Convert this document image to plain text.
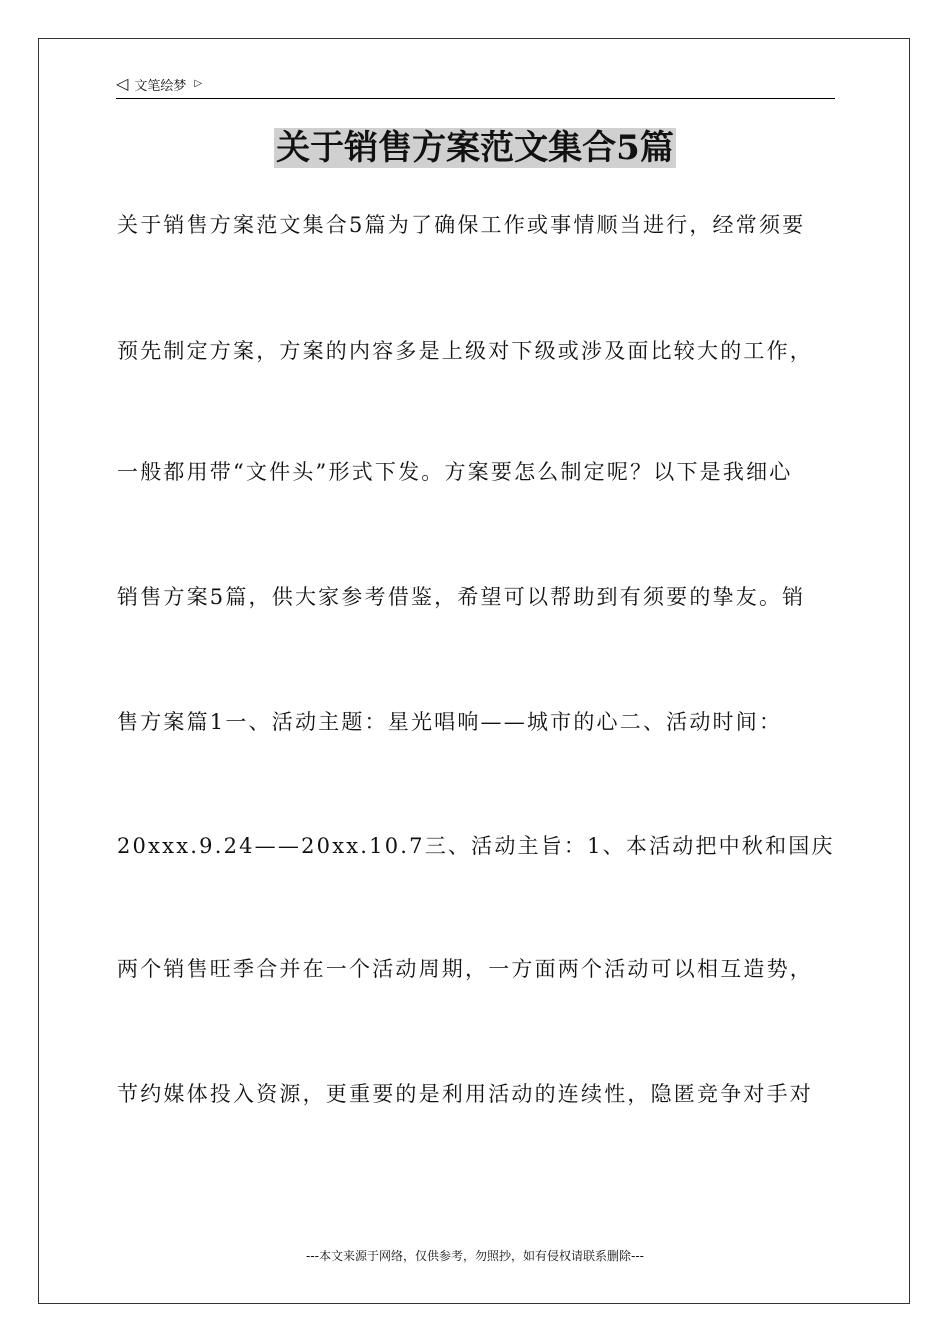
◁ 文笔绘梦 ▷
关于销售方案范文集合5篇
关于销售方案范文集合5篇为了确保工作或事情顺当进行，经常须要
预先制定方案，方案的内容多是上级对下级或涉及面比较大的工作，
一般都用带“文件头”形式下发。方案要怎么制定呢？以下是我细心
销售方案5篇，供大家参考借鉴，希望可以帮助到有须要的挚友。销
售方案篇1一、活动主题：星光唱响——城市的心二、活动时间：
20xxx.9.24——20xx.10.7三、活动主旨：1、本活动把中秋和国庆
两个销售旺季合并在一个活动周期，一方面两个活动可以相互造势，
节约媒体投入资源，更重要的是利用活动的连续性，隐匿竞争对手对
---本文来源于网络，仅供参考，勿照抄，如有侵权请联系删除---
